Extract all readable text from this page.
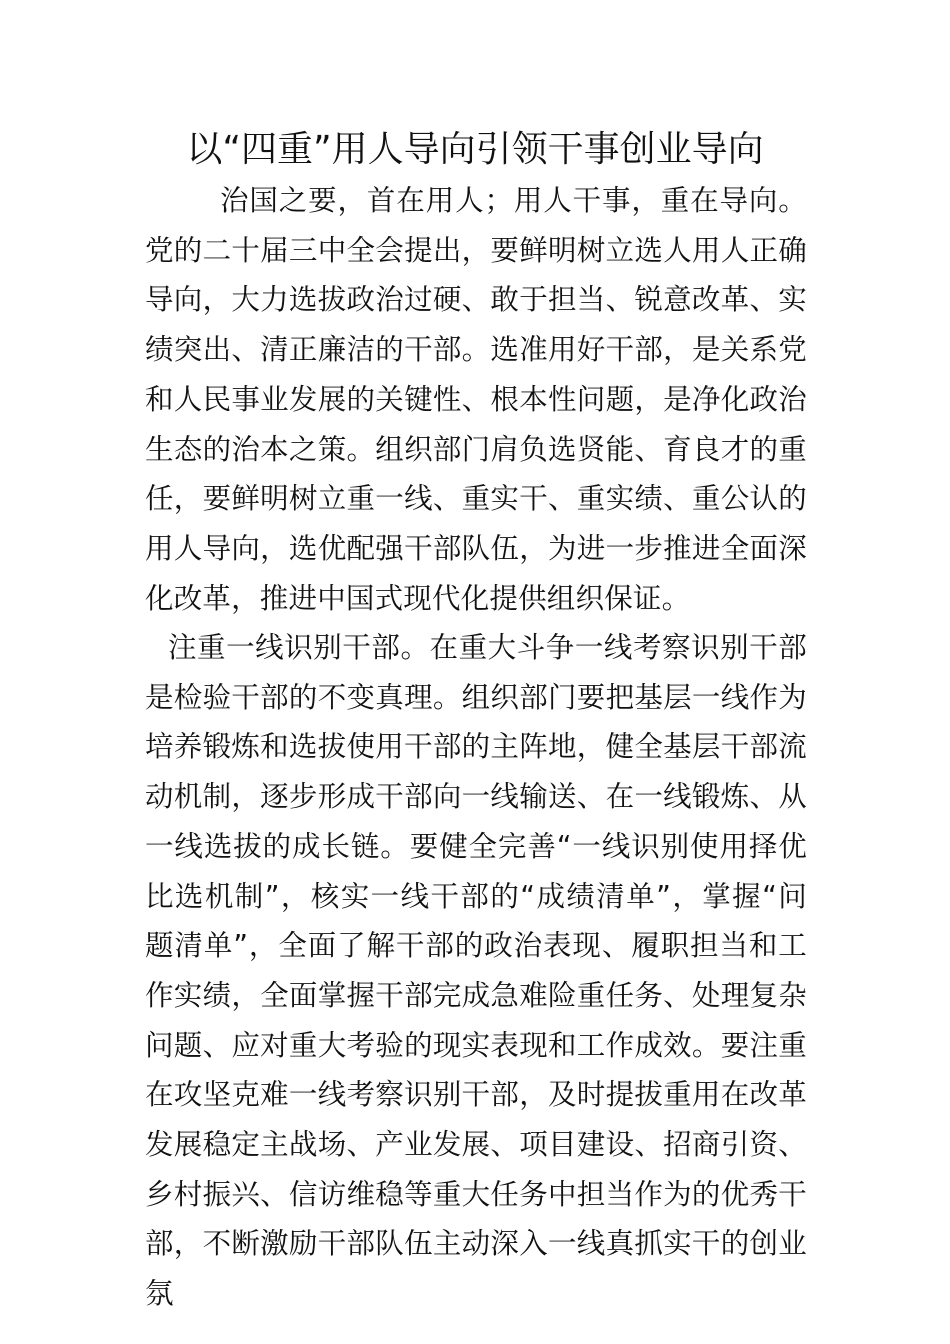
以“四重”用人导向引领干事创业导向

治国之要，首在用人；用人干事，重在导向。党的二十届三中全会提出，要鲜明树立选人用人正确导向，大力选拔政治过硬、敢于担当、锐意改革、实绩突出、清正廉洁的干部。选准用好干部，是关系党和人民事业发展的关键性、根本性问题，是净化政治生态的治本之策。组织部门肩负选贤能、育良才的重任，要鲜明树立重一线、重实干、重实绩、重公认的用人导向，选优配强干部队伍，为进一步推进全面深化改革，推进中国式现代化提供组织保证。

注重一线识别干部。在重大斗争一线考察识别干部是检验干部的不变真理。组织部门要把基层一线作为培养锻炼和选拔使用干部的主阵地，健全基层干部流动机制，逐步形成干部向一线输送、在一线锻炼、从一线选拔的成长链。要健全完善“一线识别使用择优比选机制”，核实一线干部的“成绩清单”，掌握“问题清单”，全面了解干部的政治表现、履职担当和工作实绩，全面掌握干部完成急难险重任务、处理复杂问题、应对重大考验的现实表现和工作成效。要注重在攻坚克难一线考察识别干部，及时提拔重用在改革发展稳定主战场、产业发展、项目建设、招商引资、乡村振兴、信访维稳等重大任务中担当作为的优秀干部，不断激励干部队伍主动深入一线真抓实干的创业氛
